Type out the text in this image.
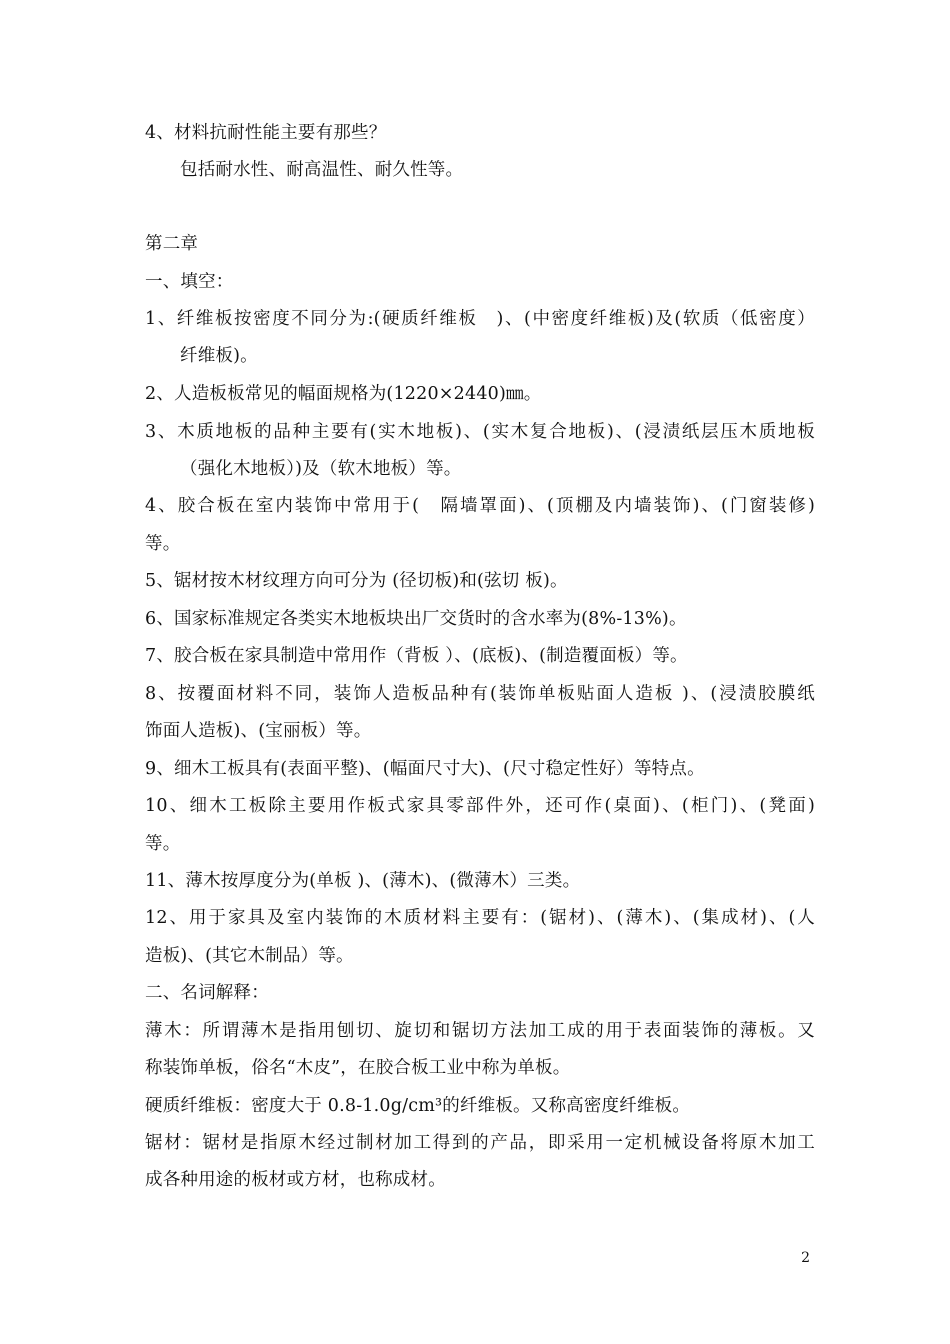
4、材料抗耐性能主要有那些？
包括耐水性、耐高温性、耐久性等。
第二章
一、填空：
1、纤维板按密度不同分为:(硬质纤维板　)、(中密度纤维板)及(软质（低密度）
纤维板)。
2、人造板板常见的幅面规格为(1220×2440)㎜。
3、木质地板的品种主要有(实木地板)、(实木复合地板)、(浸渍纸层压木质地板
（强化木地板）)及（软木地板）等。
4、胶合板在室内装饰中常用于(　隔墙罩面)、(顶棚及内墙装饰)、(门窗装修)
等。
5、锯材按木材纹理方向可分为 (径切板)和(弦切 板)。
6、国家标准规定各类实木地板块出厂交货时的含水率为(8%-13%)。
7、胶合板在家具制造中常用作（背板 ）、(底板)、(制造覆面板）等。
8、按覆面材料不同，装饰人造板品种有(装饰单板贴面人造板 )、(浸渍胶膜纸
饰面人造板)、(宝丽板）等。
9、细木工板具有(表面平整)、(幅面尺寸大)、(尺寸稳定性好）等特点。
10、细木工板除主要用作板式家具零部件外，还可作(桌面)、(柜门)、(凳面)
等。
11、薄木按厚度分为(单板 )、(薄木)、(微薄木）三类。
12、用于家具及室内装饰的木质材料主要有：(锯材)、(薄木)、(集成材)、(人
造板)、(其它木制品）等。
二、名词解释：
薄木：所谓薄木是指用刨切、旋切和锯切方法加工成的用于表面装饰的薄板。又
称装饰单板，俗名“木皮”，在胶合板工业中称为单板。
硬质纤维板：密度大于 0.8-1.0g/cm³的纤维板。又称高密度纤维板。
锯材：锯材是指原木经过制材加工得到的产品，即采用一定机械设备将原木加工
成各种用途的板材或方材，也称成材。
2
